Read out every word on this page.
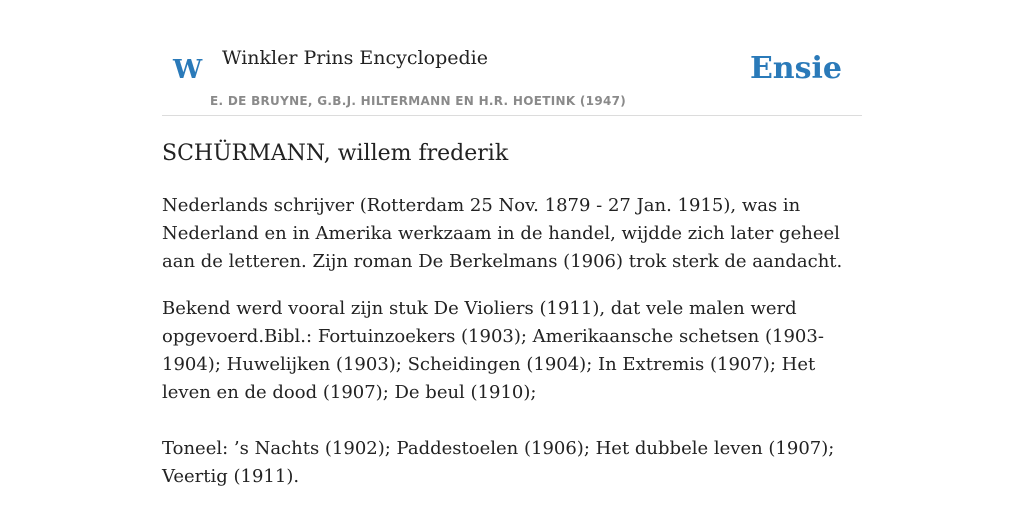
W Winkler Prins Encyclopedie	Ensie
E. DE BRUYNE, G.B.J. HILTERMANN EN H.R. HOETINK (1947)
SCHÜRMANN, willem frederik

Nederlands schrijver (Rotterdam 25 Nov. 1879 - 27 Jan. 1915), was in Nederland en in Amerika werkzaam in de handel, wijdde zich later geheel aan de letteren. Zijn roman De Berkelmans (1906) trok sterk de aandacht.

Bekend werd vooral zijn stuk De Violiers (1911), dat vele malen werd opgevoerd.Bibl.: Fortuinzoekers (1903); Amerikaansche schetsen (1903-1904); Huwelijken (1903); Scheidingen (1904); In Extremis (1907); Het leven en de dood (1907); De beul (1910);

Toneel: ’s Nachts (1902); Paddestoelen (1906); Het dubbele leven (1907); Veertig (1911).
